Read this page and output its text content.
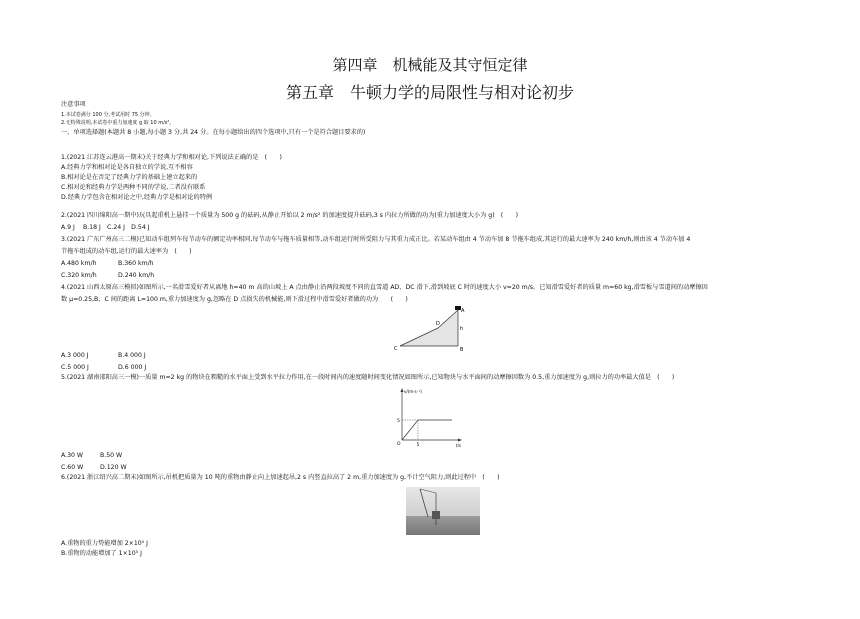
第四章　机械能及其守恒定律
第五章　牛顿力学的局限性与相对论初步
注意事项
1.本试卷满分 100 分,考试用时 75 分钟。
2.无特殊说明,本试卷中重力加速度 g 取 10 m/s²。
一、单项选择题(本题共 8 小题,每小题 3 分,共 24 分。在每小题给出的四个选项中,只有一个是符合题目要求的)
1.(2021 江苏连云港高一期末)关于经典力学和相对论,下列说法正确的是　(　　)
A.经典力学和相对论是各自独立的学说,互不相容
B.相对论是在否定了经典力学的基础上建立起来的
C.相对论和经典力学是两种不同的学说,二者没有联系
D.经典力学包含在相对论之中,经典力学是相对论的特例
2.(2021 四川绵阳高一期中)玩具起重机上悬挂一个质量为 500 g 的砝码,从静止开始以 2 m/s² 的加速度提升砝码,3 s 内拉力所做的功为(重力加速度大小为 g)　(　　)
A.9 J　 B.18 J　C.24 J　D.54 J
3.(2021 广东广州高三二模)已知动车组列车每节动车的额定功率相同,每节动车与拖车质量相等,动车组运行时所受阻力与其重力成正比。若某动车组由 4 节动车加 8 节拖车组成,其运行的最大速率为 240 km/h,则由该 4 节动车加 4
节拖车组成的动车组,运行的最大速率为　(　　)
A.480 km/h	B.360 km/h
C.320 km/h	D.240 km/h
4.(2021 山西太原高三模拟)如图所示,一名滑雪爱好者从离地 h=40 m 高的山坡上 A 点由静止沿两段坡度不同的直雪道 AD、DC 滑下,滑到坡底 C 时的速度大小 v=20 m/s。已知滑雪爱好者的质量 m=60 kg,滑雪板与雪道间的动摩擦因
数 μ=0.25,B、C 间的距离 L=100 m,重力加速度为 g,忽略在 D 点损失的机械能,则下滑过程中滑雪爱好者做的功为　　(　　)
A
B
C
D
h
A.3 000 J	B.4 000 J
C.5 000 J	D.6 000 J
5.(2021 湖南邵阳高三一模)一质量 m=2 kg 的物块在粗糙的水平面上受到水平拉力作用,在一段时间内的速度随时间变化情况如图所示,已知物块与水平面间的动摩擦因数为 0.5,重力加速度为 g,则拉力的功率最大值是　(　　)
v/(m·s⁻¹)
t/s
5
5
O
A.30 W	B.50 W
C.60 W	D.120 W
6.(2021 浙江绍兴高二期末)如图所示,吊机把质量为 10 吨的重物由静止向上加速起吊,2 s 内竖直拉高了 2 m,重力加速度为 g,不计空气阻力,则此过程中　(　　)
A.重物的重力势能增加 2×10⁵ J
B.重物的动能增加了 1×10⁵ J
